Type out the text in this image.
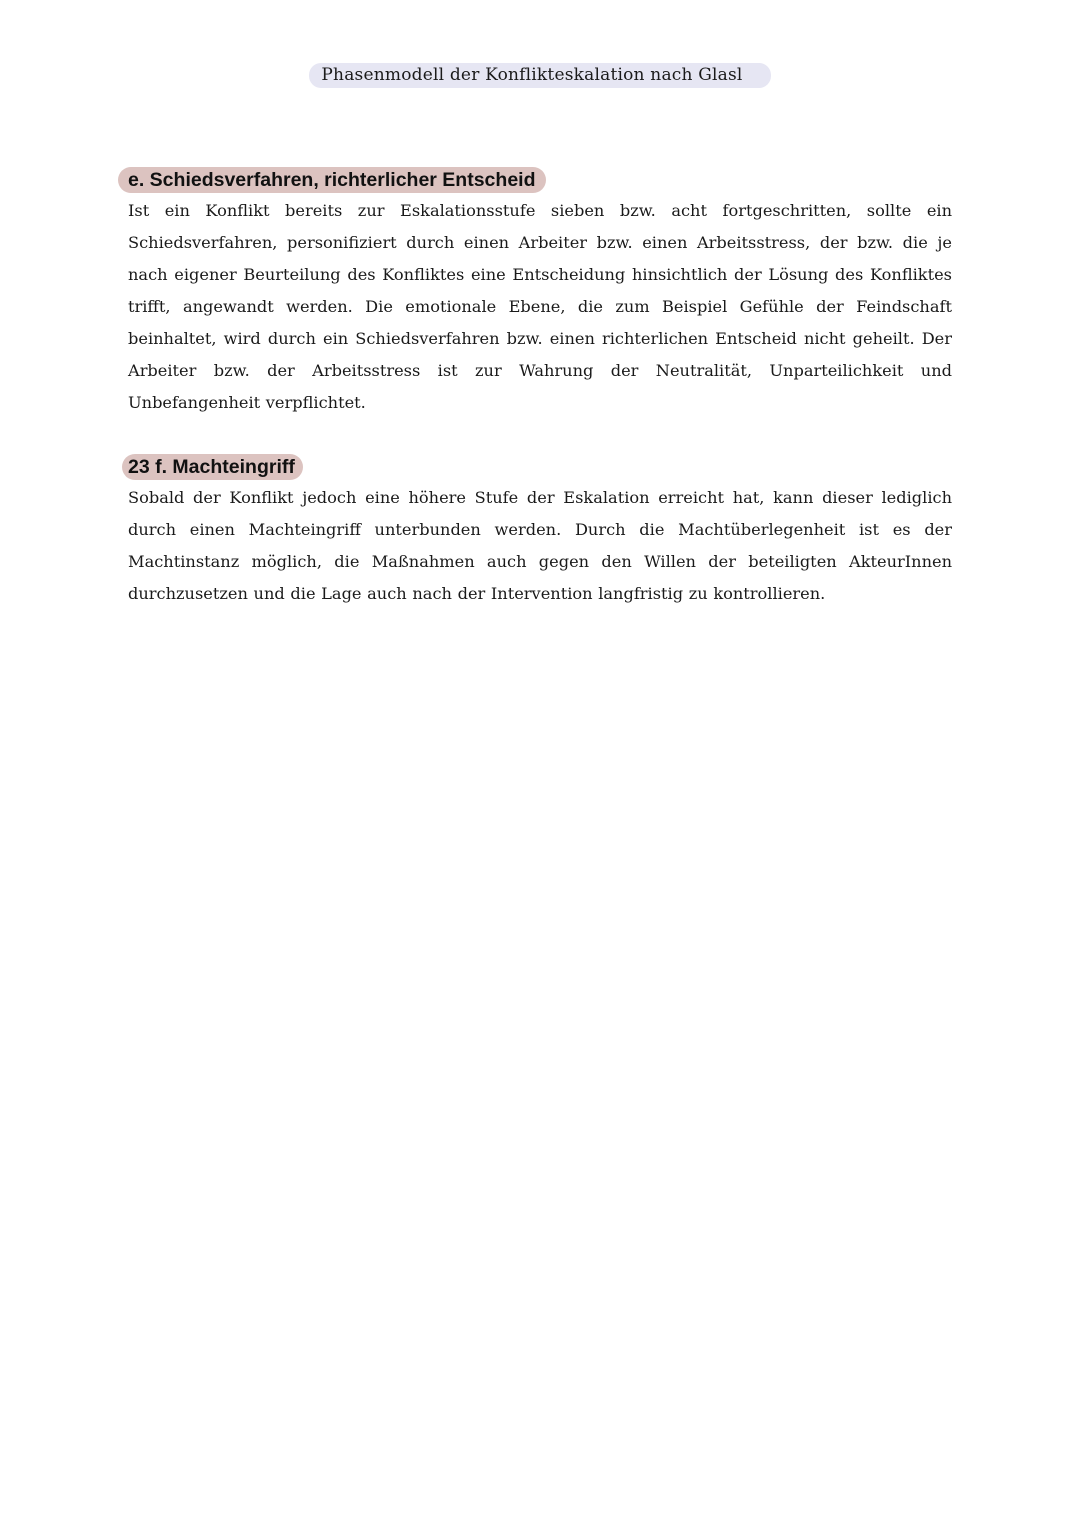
Phasenmodell der Konflikteskalation nach Glasl
e. Schiedsverfahren, richterlicher Entscheid

Ist ein Konflikt bereits zur Eskalationsstufe sieben bzw. acht fortgeschritten, sollte ein Schiedsverfahren, personifiziert durch einen Arbeiter bzw. einen Arbeitsstress, der bzw. die je nach eigener Beurteilung des Konfliktes eine Entscheidung hinsichtlich der Lösung des Konfliktes trifft, angewandt werden. Die emotionale Ebene, die zum Beispiel Gefühle der Feindschaft beinhaltet, wird durch ein Schiedsverfahren bzw. einen richterlichen Entscheid nicht geheilt. Der Arbeiter bzw. der Arbeitsstress ist zur Wahrung der Neutralität, Unparteilichkeit und Unbefangenheit verpflichtet.

23 f. Machteingriff

Sobald der Konflikt jedoch eine höhere Stufe der Eskalation erreicht hat, kann dieser lediglich durch einen Machteingriff unterbunden werden. Durch die Machtüberlegenheit ist es der Machtinstanz möglich, die Maßnahmen auch gegen den Willen der beteiligten AkteurInnen durchzusetzen und die Lage auch nach der Intervention langfristig zu kontrollieren.
